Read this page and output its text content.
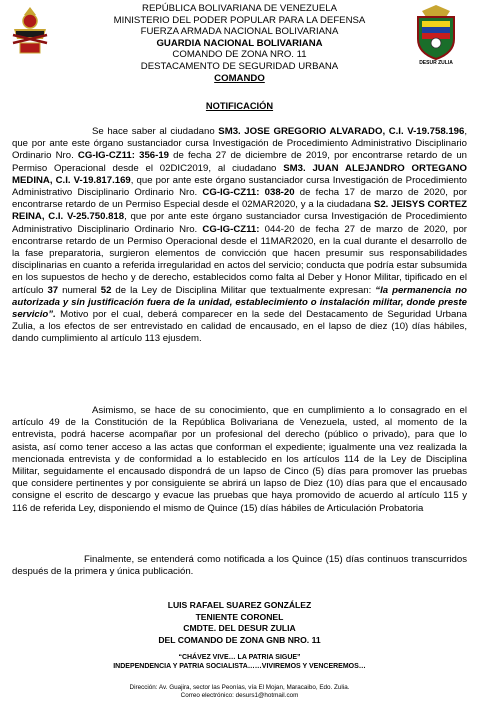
DESUR ZULIA
REPÚBLICA BOLIVARIANA DE VENEZUELA
MINISTERIO DEL PODER POPULAR PARA LA DEFENSA
FUERZA ARMADA NACIONAL BOLIVARIANA
GUARDIA NACIONAL BOLIVARIANA
COMANDO DE ZONA NRO. 11
DESTACAMENTO DE SEGURIDAD URBANA
COMANDO
NOTIFICACIÓN

Se hace saber al ciudadano SM3. JOSE GREGORIO ALVARADO, C.I. V-19.758.196, que por ante este órgano sustanciador cursa Investigación de Procedimiento Administrativo Disciplinario Ordinario Nro. CG-IG-CZ11: 356-19 de fecha 27 de diciembre de 2019, por encontrarse retardo de un Permiso Operacional desde el 02DIC2019, al ciudadano SM3. JUAN ALEJANDRO ORTEGANO MEDINA, C.I. V-19.817.169, que por ante este órgano sustanciador cursa Investigación de Procedimiento Administrativo Disciplinario Ordinario Nro. CG-IG-CZ11: 038-20 de fecha 17 de marzo de 2020, por encontrarse retardo de un Permiso Especial desde el 02MAR2020, y a la ciudadana S2. JEISYS CORTEZ REINA, C.I. V-25.750.818, que por ante este órgano sustanciador cursa Investigación de Procedimiento Administrativo Disciplinario Ordinario Nro. CG-IG-CZ11: 044-20 de fecha 27 de marzo de 2020, por encontrarse retardo de un Permiso Operacional desde el 11MAR2020, en la cual durante el desarrollo de la fase preparatoria, surgieron elementos de convicción que hacen presumir sus responsabilidades disciplinarias en cuanto a referida irregularidad en actos del servicio; conducta que podría estar subsumida en los supuestos de hecho y de derecho, establecidos como falta al Deber y Honor Militar, tipificado en el artículo 37 numeral 52 de la Ley de Disciplina Militar que textualmente expresan: “la permanencia no autorizada y sin justificación fuera de la unidad, establecimiento o instalación militar, donde preste servicio”. Motivo por el cual, deberá comparecer en la sede del Destacamento de Seguridad Urbana Zulia, a los efectos de ser entrevistado en calidad de encausado, en el lapso de diez (10) días hábiles, dando cumplimiento al artículo 113 ejusdem.

Asimismo, se hace de su conocimiento, que en cumplimiento a lo consagrado en el artículo 49 de la Constitución de la República Bolivariana de Venezuela, usted, al momento de la entrevista, podrá hacerse acompañar por un profesional del derecho (público o privado), para que lo asista, así como tener acceso a las actas que conforman el expediente; igualmente una vez realizada la mencionada entrevista y de conformidad a lo establecido en los artículos 114 de la Ley de Disciplina Militar, seguidamente el encausado dispondrá de un lapso de Cinco (5) días para promover las pruebas que considere pertinentes y por consiguiente se abrirá un lapso de Diez (10) días para que el encausado consigne el escrito de descargo y evacue las pruebas que haya promovido de acuerdo al artículo 115 y 116 de referida Ley, disponiendo el mismo de Quince (15) días hábiles de Articulación Probatoria

Finalmente, se entenderá como notificada a los Quince (15) días continuos transcurridos después de la primera y única publicación.

LUIS RAFAEL SUAREZ GONZÁLEZ
TENIENTE CORONEL
CMDTE. DEL DESUR ZULIA
DEL COMANDO DE ZONA GNB NRO. 11
“CHÁVEZ VIVE… LA PATRIA SIGUE”
INDEPENDENCIA Y PATRIA SOCIALISTA……VIVIREMOS Y VENCEREMOS…
Dirección: Av. Guajira, sector las Peonías, vía El Mojan, Maracaibo, Edo. Zulia.
Correo electrónico: desurs1@hotmail.com
